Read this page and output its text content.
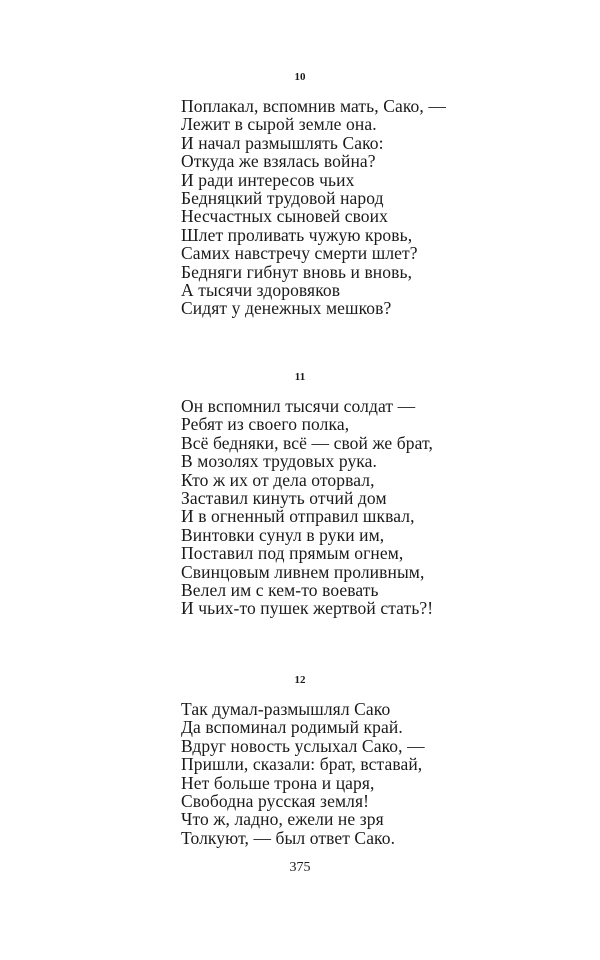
10
Поплакал, вспомнив мать, Сако, —
Лежит в сырой земле она.
И начал размышлять Сако:
Откуда же взялась война?
И ради интересов чьих
Бедняцкий трудовой народ
Несчастных сыновей своих
Шлет проливать чужую кровь,
Самих навстречу смерти шлет?
Бедняги гибнут вновь и вновь,
А тысячи здоровяков
Сидят у денежных мешков?
11
Он вспомнил тысячи солдат —
Ребят из своего полка,
Всё бедняки, всё — свой же брат,
В мозолях трудовых рука.
Кто ж их от дела оторвал,
Заставил кинуть отчий дом
И в огненный отправил шквал,
Винтовки сунул в руки им,
Поставил под прямым огнем,
Свинцовым ливнем проливным,
Велел им с кем-то воевать
И чьих-то пушек жертвой стать?!
12
Так думал-размышлял Сако
Да вспоминал родимый край.
Вдруг новость услыхал Сако, —
Пришли, сказали: брат, вставай,
Нет больше трона и царя,
Свободна русская земля!
Что ж, ладно, ежели не зря
Толкуют, — был ответ Сако.
375
